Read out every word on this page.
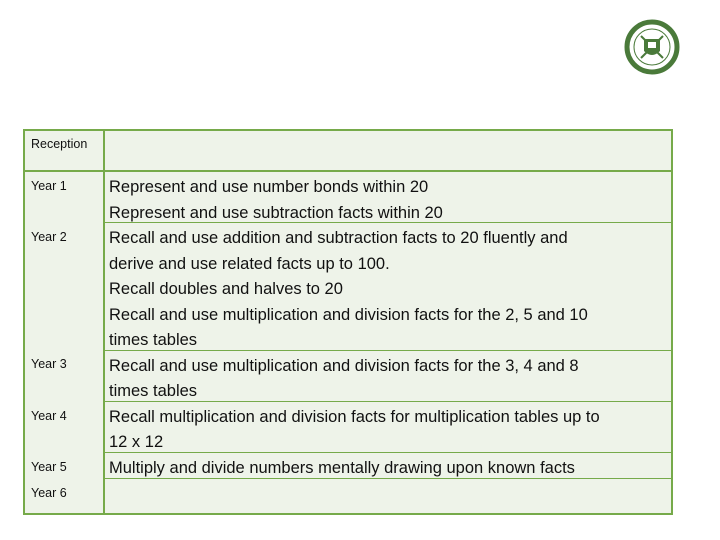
Reception
Year 1
Year 2
Year 3
Year 4
Year 5
Year 6
Represent and use number bonds within 20
Represent and use subtraction facts within 20
Recall and use addition and subtraction facts to 20 fluently and
derive and use related facts up to 100.
Recall doubles and halves to 20
Recall and use multiplication and division facts for the 2, 5 and 10
times tables
Recall and use multiplication and division facts for the 3, 4 and 8
times tables
Recall multiplication and division facts for multiplication tables up to
12 x 12
Multiply and divide numbers mentally drawing upon known facts
